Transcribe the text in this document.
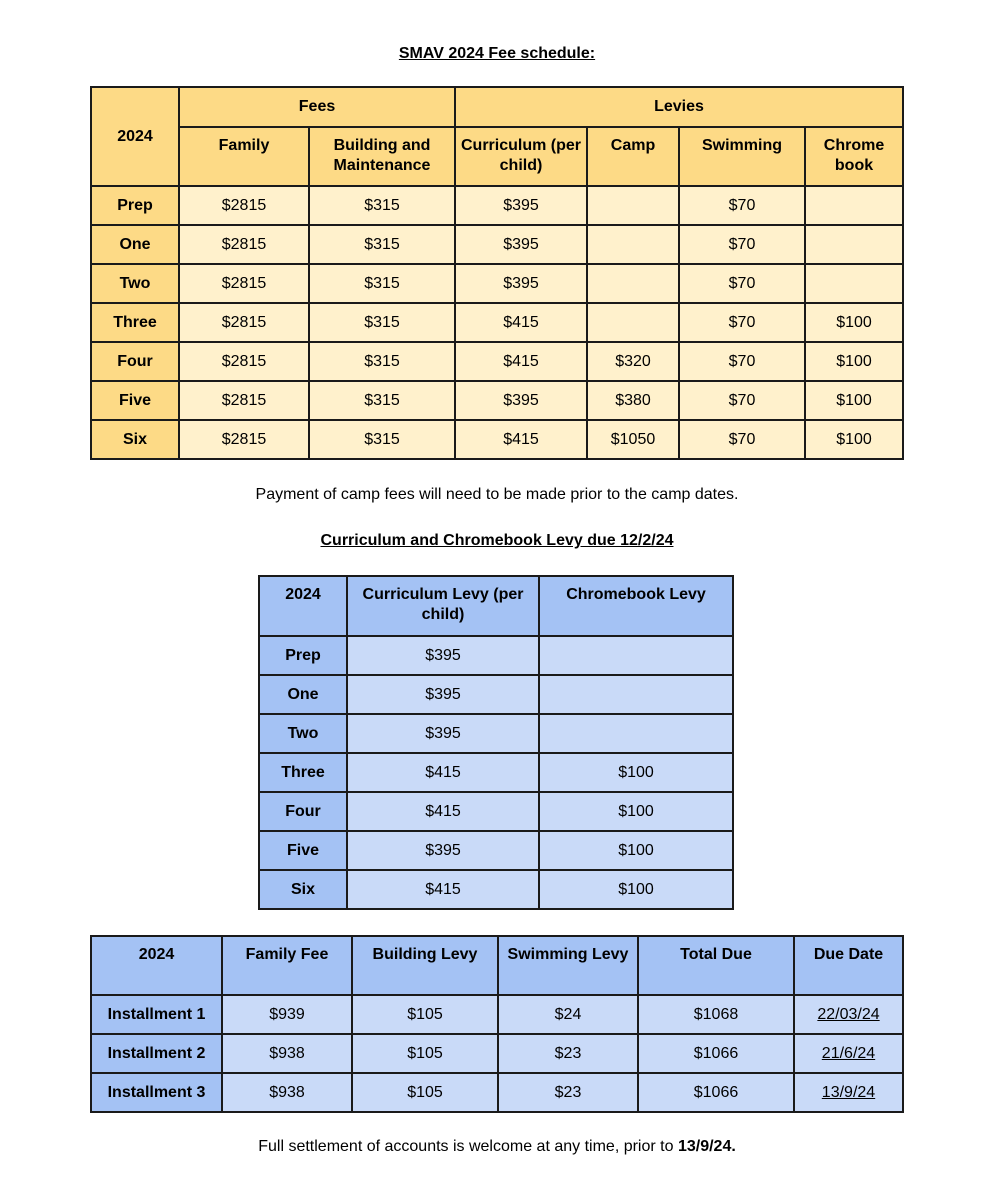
SMAV 2024 Fee schedule:
2024	Fees		Levies			
	Family	Building and Maintenance	Curriculum (per child)	Camp	Swimming	Chrome book
Prep	$2815	$315	$395		$70	
One	$2815	$315	$395		$70	
Two	$2815	$315	$395		$70	
Three	$2815	$315	$415		$70	$100
Four	$2815	$315	$415	$320	$70	$100
Five	$2815	$315	$395	$380	$70	$100
Six	$2815	$315	$415	$1050	$70	$100
Payment of camp fees will need to be made prior to the camp dates.
Curriculum and Chromebook Levy due 12/2/24
2024	Curriculum Levy (per child)	Chromebook Levy
Prep	$395	
One	$395	
Two	$395	
Three	$415	$100
Four	$415	$100
Five	$395	$100
Six	$415	$100
2024	Family Fee	Building Levy	Swimming Levy	Total Due	Due Date
Installment 1	$939	$105	$24	$1068	22/03/24
Installment 2	$938	$105	$23	$1066	21/6/24
Installment 3	$938	$105	$23	$1066	13/9/24
Full settlement of accounts is welcome at any time, prior to 13/9/24.
